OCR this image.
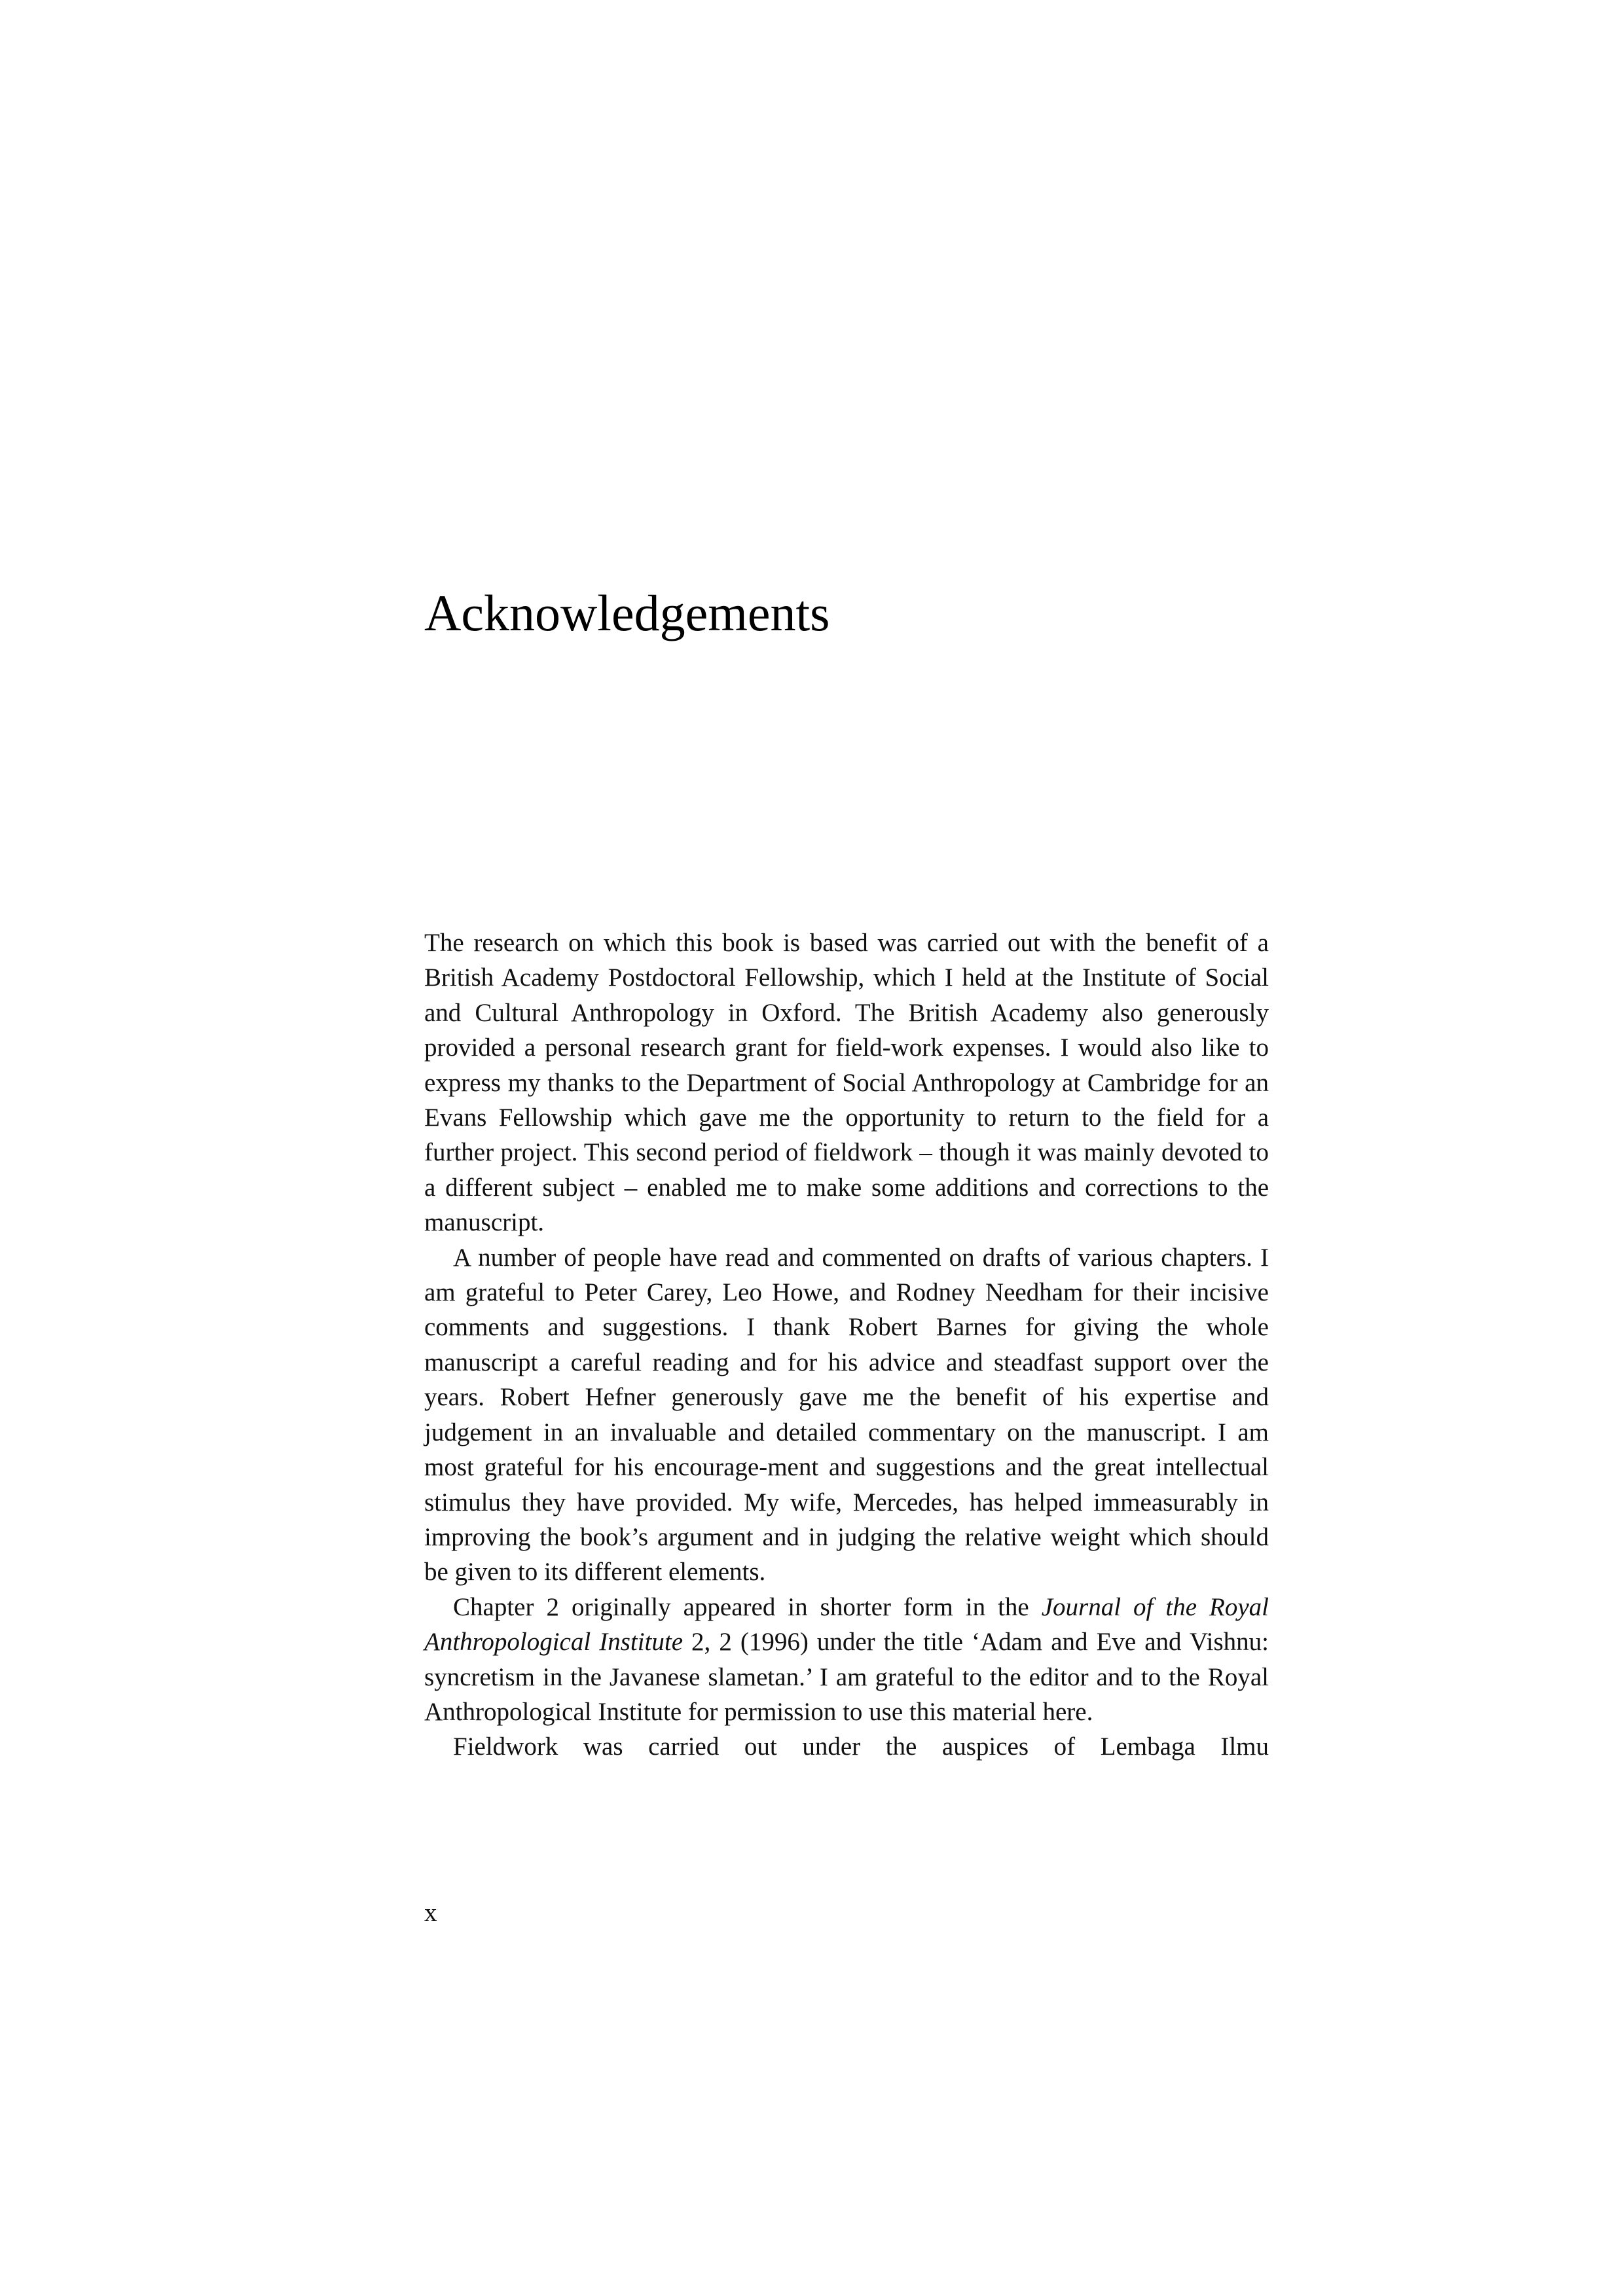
Acknowledgements

The research on which this book is based was carried out with the benefit of a British Academy Postdoctoral Fellowship, which I held at the Institute of Social and Cultural Anthropology in Oxford. The British Academy also generously provided a personal research grant for field-work expenses. I would also like to express my thanks to the Department of Social Anthropology at Cambridge for an Evans Fellowship which gave me the opportunity to return to the field for a further project. This second period of fieldwork – though it was mainly devoted to a different subject – enabled me to make some additions and corrections to the manuscript.

A number of people have read and commented on drafts of various chapters. I am grateful to Peter Carey, Leo Howe, and Rodney Needham for their incisive comments and suggestions. I thank Robert Barnes for giving the whole manuscript a careful reading and for his advice and steadfast support over the years. Robert Hefner generously gave me the benefit of his expertise and judgement in an invaluable and detailed commentary on the manuscript. I am most grateful for his encourage-ment and suggestions and the great intellectual stimulus they have provided. My wife, Mercedes, has helped immeasurably in improving the book’s argument and in judging the relative weight which should be given to its different elements.

Chapter 2 originally appeared in shorter form in the Journal of the Royal Anthropological Institute 2, 2 (1996) under the title ‘Adam and Eve and Vishnu: syncretism in the Javanese slametan.’ I am grateful to the editor and to the Royal Anthropological Institute for permission to use this material here.

Fieldwork was carried out under the auspices of Lembaga Ilmu

x
